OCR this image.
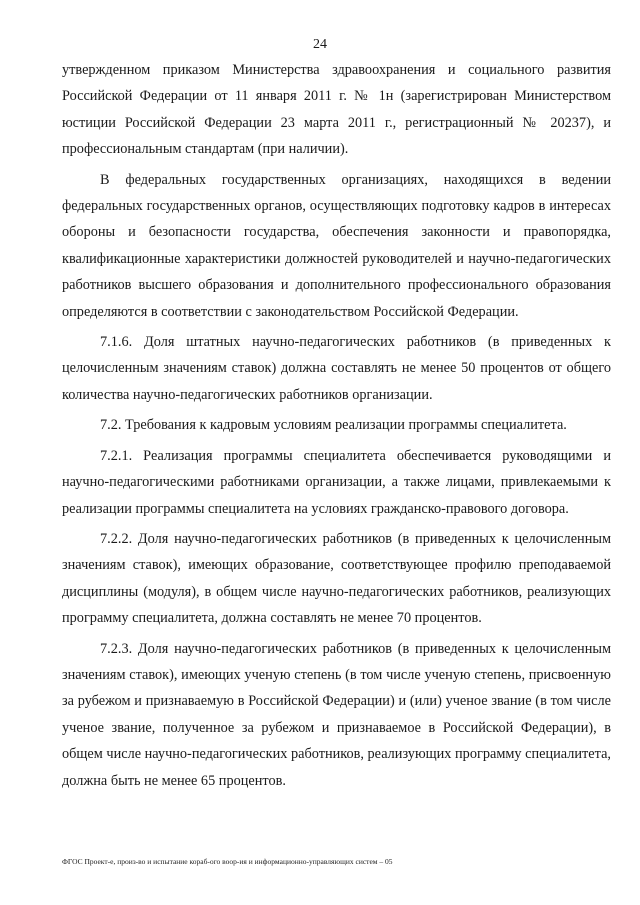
24

утвержденном приказом Министерства здравоохранения и социального развития Российской Федерации от 11 января 2011 г. № 1н (зарегистрирован Министерством юстиции Российской Федерации 23 марта 2011 г., регистрационный № 20237), и профессиональным стандартам (при наличии).

В федеральных государственных организациях, находящихся в ведении федеральных государственных органов, осуществляющих подготовку кадров в интересах обороны и безопасности государства, обеспечения законности и правопорядка, квалификационные характеристики должностей руководителей и научно-педагогических работников высшего образования и дополнительного профессионального образования определяются в соответствии с законодательством Российской Федерации.

7.1.6. Доля штатных научно-педагогических работников (в приведенных к целочисленным значениям ставок) должна составлять не менее 50 процентов от общего количества научно-педагогических работников организации.

7.2. Требования к кадровым условиям реализации программы специалитета.

7.2.1. Реализация программы специалитета обеспечивается руководящими и научно-педагогическими работниками организации, а также лицами, привлекаемыми к реализации программы специалитета на условиях гражданско-правового договора.

7.2.2. Доля научно-педагогических работников (в приведенных к целочисленным значениям ставок), имеющих образование, соответствующее профилю преподаваемой дисциплины (модуля), в общем числе научно-педагогических работников, реализующих программу специалитета, должна составлять не менее 70 процентов.

7.2.3. Доля научно-педагогических работников (в приведенных к целочисленным значениям ставок), имеющих ученую степень (в том числе ученую степень, присвоенную за рубежом и признаваемую в Российской Федерации) и (или) ученое звание (в том числе ученое звание, полученное за рубежом и признаваемое в Российской Федерации), в общем числе научно-педагогических работников, реализующих программу специалитета, должна быть не менее 65 процентов.

ФГОС Проект-е, произ-во и испытание кораб-ого воор-ия и информационно-управляющих систем – 05
